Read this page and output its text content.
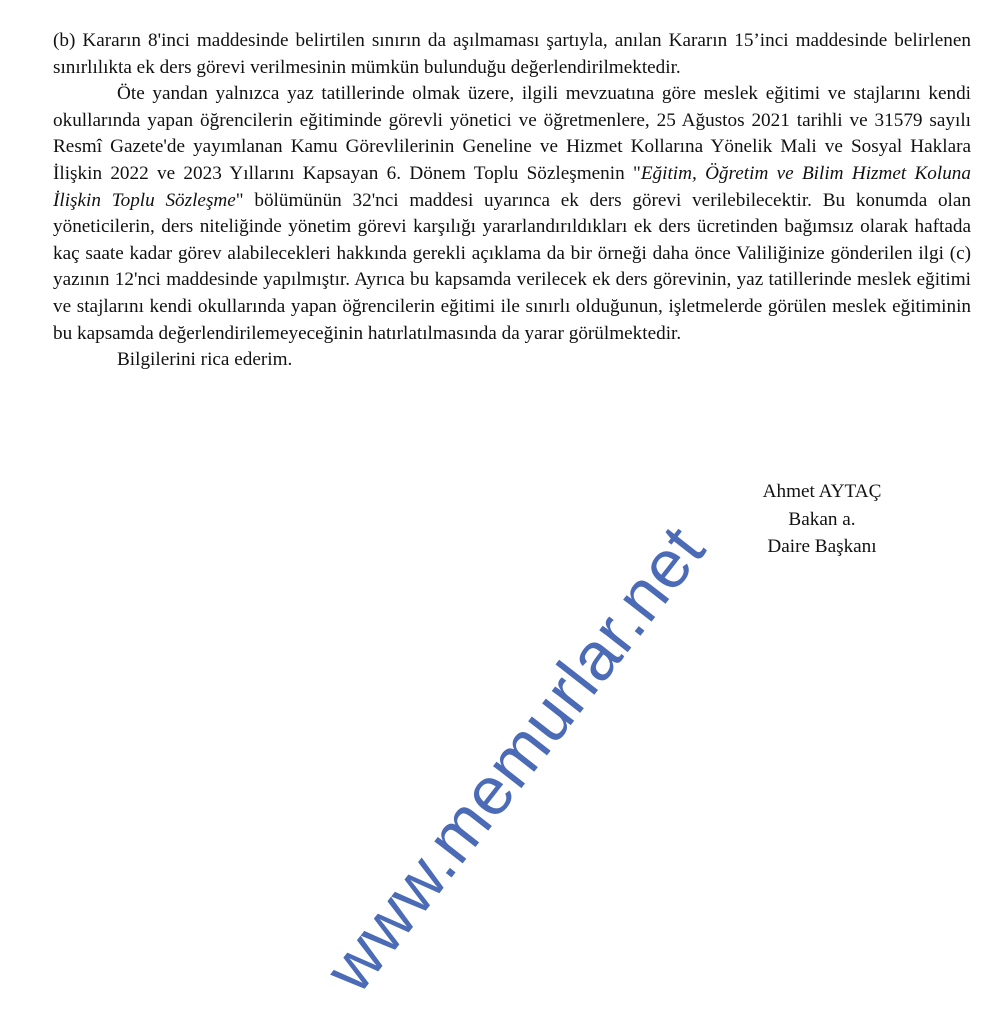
(b) Kararın 8'inci maddesinde belirtilen sınırın da aşılmaması şartıyla, anılan Kararın 15’inci maddesinde belirlenen sınırlılıkta ek ders görevi verilmesinin mümkün bulunduğu değerlendirilmektedir.

Öte yandan yalnızca yaz tatillerinde olmak üzere, ilgili mevzuatına göre meslek eğitimi ve stajlarını kendi okullarında yapan öğrencilerin eğitiminde görevli yönetici ve öğretmenlere, 25 Ağustos 2021 tarihli ve 31579 sayılı Resmî Gazete'de yayımlanan Kamu Görevlilerinin Geneline ve Hizmet Kollarına Yönelik Mali ve Sosyal Haklara İlişkin 2022 ve 2023 Yıllarını Kapsayan 6. Dönem Toplu Sözleşmenin "Eğitim, Öğretim ve Bilim Hizmet Koluna İlişkin Toplu Sözleşme" bölümünün 32'nci maddesi uyarınca ek ders görevi verilebilecektir. Bu konumda olan yöneticilerin, ders niteliğinde yönetim görevi karşılığı yararlandırıldıkları ek ders ücretinden bağımsız olarak haftada kaç saate kadar görev alabilecekleri hakkında gerekli açıklama da bir örneği daha önce Valiliğinize gönderilen ilgi (c) yazının 12'nci maddesinde yapılmıştır. Ayrıca bu kapsamda verilecek ek ders görevinin, yaz tatillerinde meslek eğitimi ve stajlarını kendi okullarında yapan öğrencilerin eğitimi ile sınırlı olduğunun, işletmelerde görülen meslek eğitiminin bu kapsamda değerlendirilemeyeceğinin hatırlatılmasında da yarar görülmektedir.

Bilgilerini rica ederim.

Ahmet AYTAÇ
Bakan a.
Daire Başkanı
www.memurlar.net
